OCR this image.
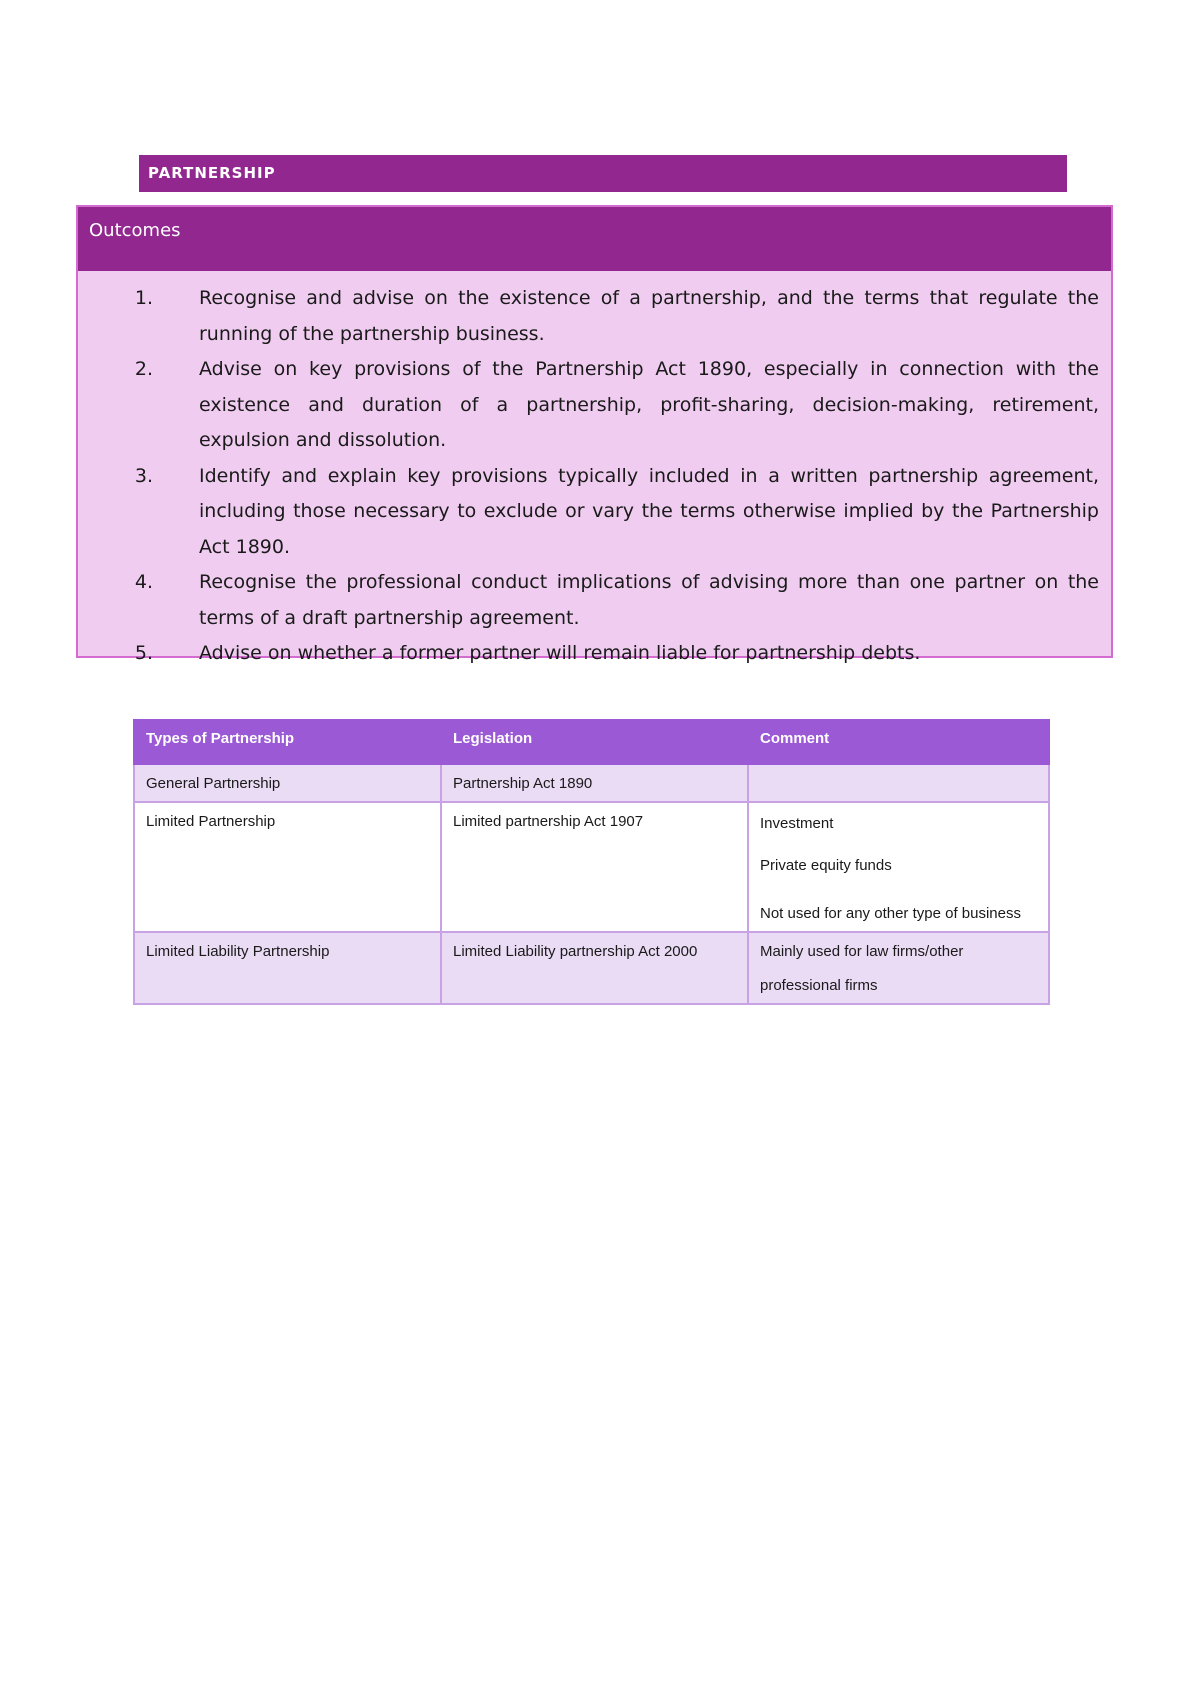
PARTNERSHIP
Outcomes
1.	Recognise and advise on the existence of a partnership, and the terms that regulate the running of the partnership business.
2.	Advise on key provisions of the Partnership Act 1890, especially in connection with the existence and duration of a partnership, profit-sharing, decision-making, retirement, expulsion and dissolution.
3.	Identify and explain key provisions typically included in a written partnership agreement, including those necessary to exclude or vary the terms otherwise implied by the Partnership Act 1890.
4.	Recognise the professional conduct implications of advising more than one partner on the terms of a draft partnership agreement.
5.	Advise on whether a former partner will remain liable for partnership debts.
Types of Partnership	Legislation	Comment
General Partnership	Partnership Act 1890	
Limited Partnership	Limited partnership Act 1907	Investment
Private equity funds
Not used for any other type of business

Limited Liability Partnership	Limited Liability partnership Act 2000	Mainly used for law firms/other professional firms
